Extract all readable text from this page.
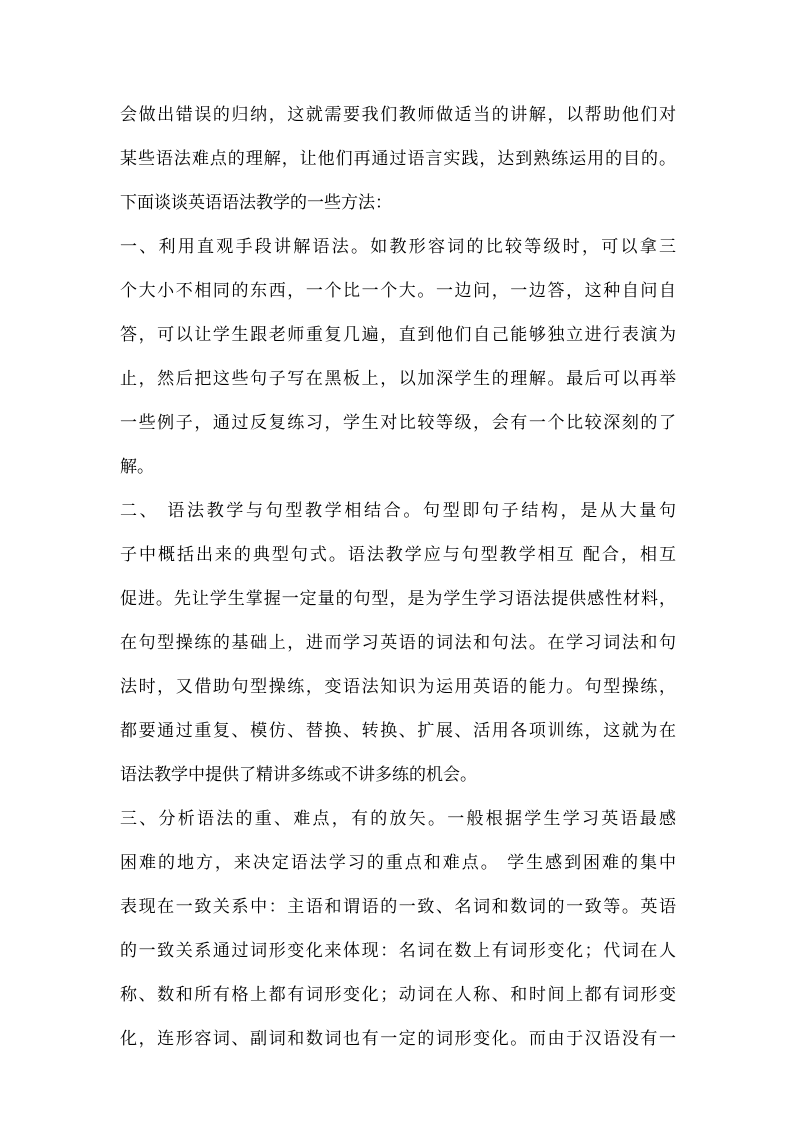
会做出错误的归纳，这就需要我们教师做适当的讲解，以帮助他们对
某些语法难点的理解，让他们再通过语言实践，达到熟练运用的目的。
下面谈谈英语语法教学的一些方法：
一、利用直观手段讲解语法。如教形容词的比较等级时，可以拿三
个大小不相同的东西，一个比一个大。一边问，一边答，这种自问自
答，可以让学生跟老师重复几遍，直到他们自己能够独立进行表演为
止，然后把这些句子写在黑板上，以加深学生的理解。最后可以再举
一些例子，通过反复练习，学生对比较等级，会有一个比较深刻的了
解。
二、 语法教学与句型教学相结合。句型即句子结构，是从大量句
子中概括出来的典型句式。语法教学应与句型教学相互 配合，相互
促进。先让学生掌握一定量的句型，是为学生学习语法提供感性材料，
在句型操练的基础上，进而学习英语的词法和句法。在学习词法和句
法时，又借助句型操练，变语法知识为运用英语的能力。句型操练，
都要通过重复、模仿、替换、转换、扩展、活用各项训练，这就为在
语法教学中提供了精讲多练或不讲多练的机会。
三、分析语法的重、难点，有的放矢。一般根据学生学习英语最感
困难的地方，来决定语法学习的重点和难点。 学生感到困难的集中
表现在一致关系中：主语和谓语的一致、名词和数词的一致等。英语
的一致关系通过词形变化来体现：名词在数上有词形变化；代词在人
称、数和所有格上都有词形变化；动词在人称、和时间上都有词形变
化，连形容词、副词和数词也有一定的词形变化。而由于汉语没有一
